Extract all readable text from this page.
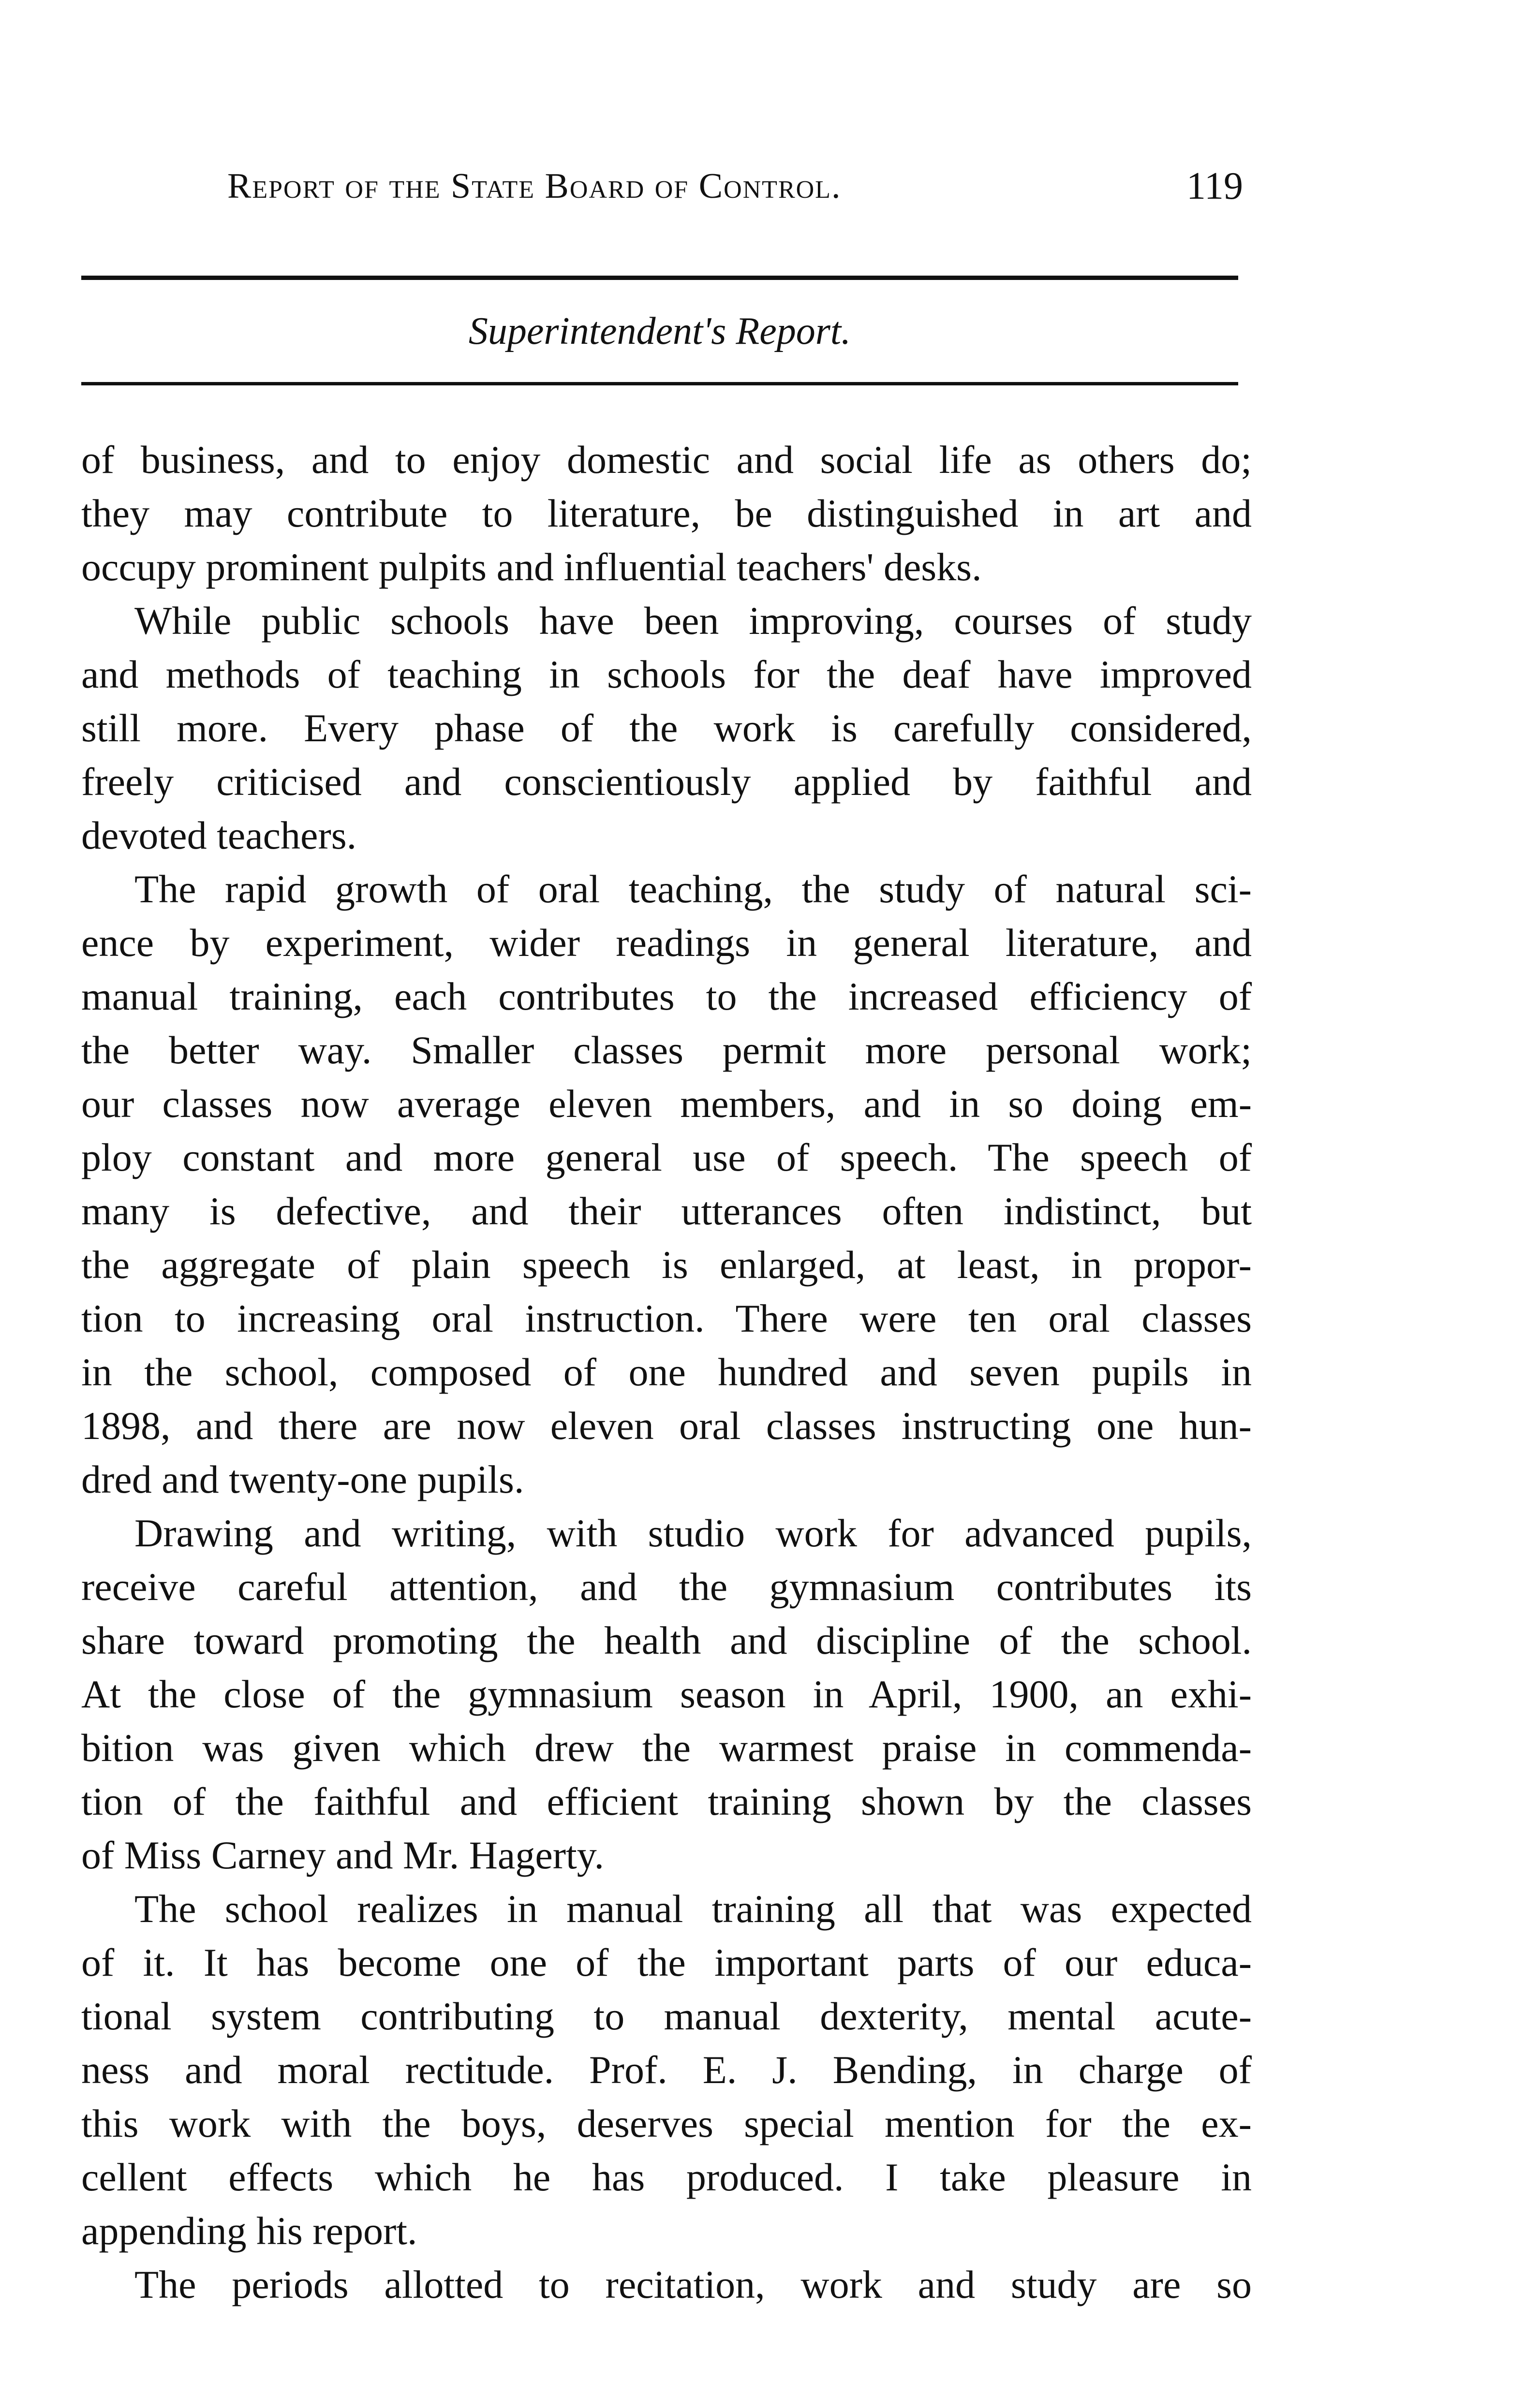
Report of the State Board of Control.	119
Superintendent's Report.
of business, and to enjoy domestic and social life as others do;
they may contribute to literature, be distinguished in art and
occupy prominent pulpits and influential teachers' desks.
While public schools have been improving, courses of study
and methods of teaching in schools for the deaf have improved
still more. Every phase of the work is carefully considered,
freely criticised and conscientiously applied by faithful and
devoted teachers.
The rapid growth of oral teaching, the study of natural sci-
ence by experiment, wider readings in general literature, and
manual training, each contributes to the increased efficiency of
the better way. Smaller classes permit more personal work;
our classes now average eleven members, and in so doing em-
ploy constant and more general use of speech. The speech of
many is defective, and their utterances often indistinct, but
the aggregate of plain speech is enlarged, at least, in propor-
tion to increasing oral instruction. There were ten oral classes
in the school, composed of one hundred and seven pupils in
1898, and there are now eleven oral classes instructing one hun-
dred and twenty-one pupils.
Drawing and writing, with studio work for advanced pupils,
receive careful attention, and the gymnasium contributes its
share toward promoting the health and discipline of the school.
At the close of the gymnasium season in April, 1900, an exhi-
bition was given which drew the warmest praise in commenda-
tion of the faithful and efficient training shown by the classes
of Miss Carney and Mr. Hagerty.
The school realizes in manual training all that was expected
of it. It has become one of the important parts of our educa-
tional system contributing to manual dexterity, mental acute-
ness and moral rectitude. Prof. E. J. Bending, in charge of
this work with the boys, deserves special mention for the ex-
cellent effects which he has produced. I take pleasure in
appending his report.
The periods allotted to recitation, work and study are so
